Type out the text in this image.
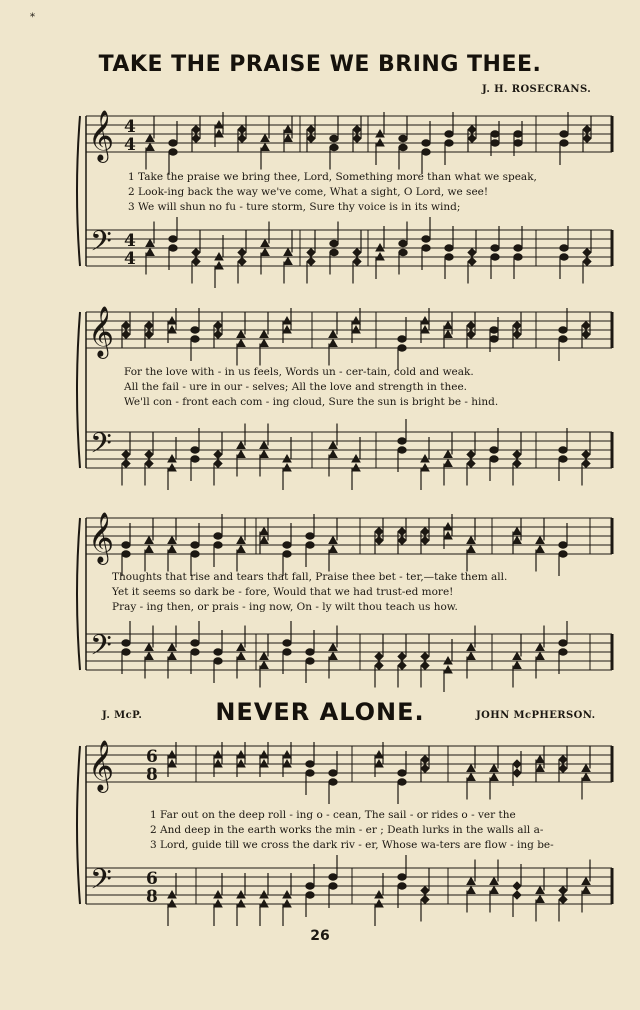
*
TAKE THE PRAISE WE BRING THEE.
J. H. ROSECRANS.
𝄞
𝄢
4
4
4
4
𝄞
𝄢
𝄞
𝄢
𝄞
𝄢
6
8
6
8
1 Take the praise we bring thee, Lord, Something more than what we speak,
2 Look-ing back the way we've come, What a sight, O Lord, we see!
3 We will shun no fu - ture storm, Sure thy voice is in its wind;
For the love with - in us feels, Words un - cer-tain, cold and weak.
All the fail - ure in our - selves; All the love and strength in thee.
We'll con - front each com - ing cloud, Sure the sun is bright be - hind.
Thoughts that rise and tears that fall, Praise thee bet - ter,—take them all.
Yet it seems so dark be - fore, Would that we had trust-ed more!
Pray - ing then, or prais - ing now, On - ly wilt thou teach us how.
J. McP.	NEVER ALONE.	JOHN McPHERSON.
1 Far out on the deep roll - ing o - cean, The sail - or rides o - ver the
2 And deep in the earth works the min - er ; Death lurks in the walls all a-
3 Lord, guide till we cross the dark riv - er, Whose wa-ters are flow - ing be-
26
